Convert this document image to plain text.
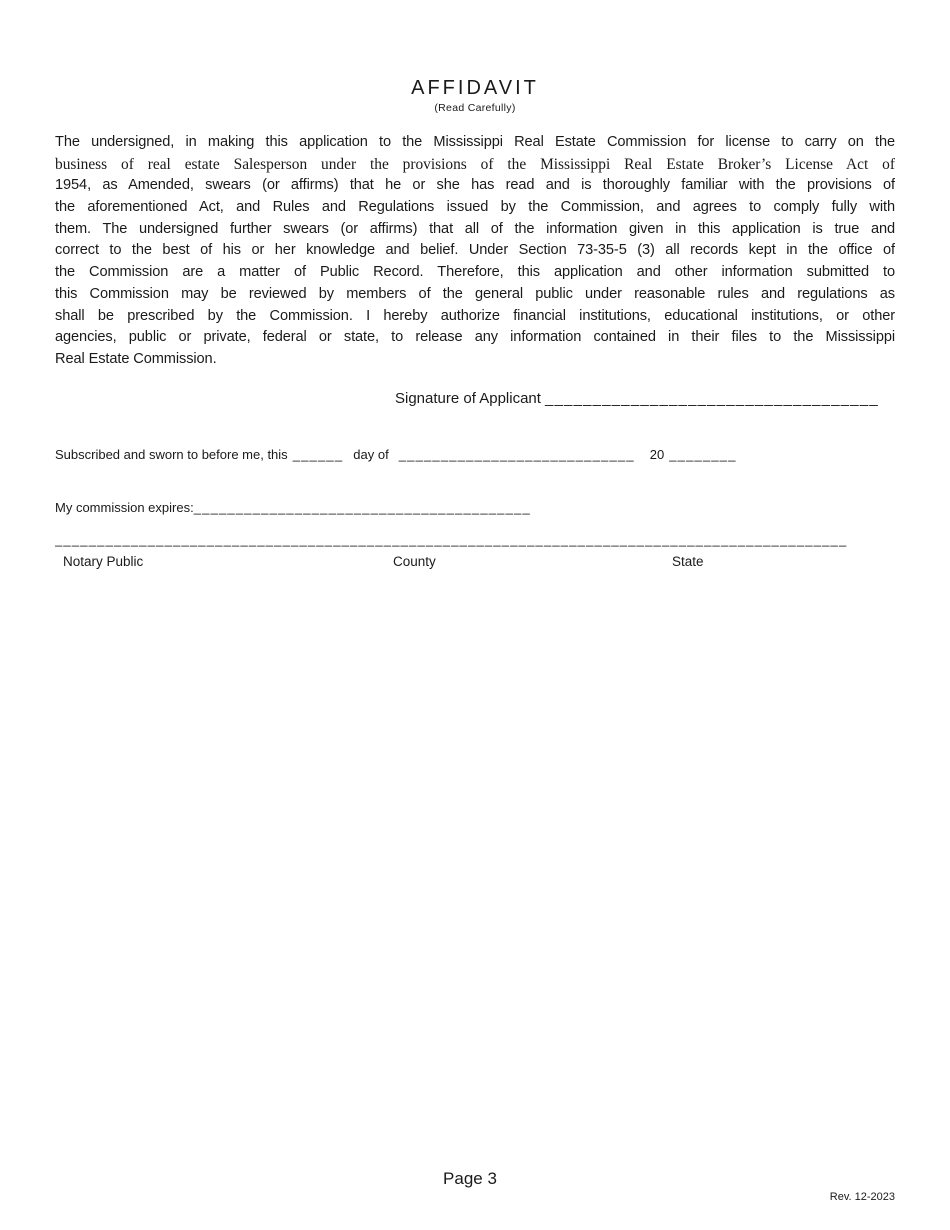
AFFIDAVIT
(Read Carefully)
The undersigned, in making this application to the Mississippi Real Estate Commission for license to carry on the
business of real estate Salesperson under the provisions of the Mississippi Real Estate Broker’s License Act of
1954, as Amended, swears (or affirms) that he or she has read and is thoroughly familiar with the provisions of
the aforementioned Act, and Rules and Regulations issued by the Commission, and agrees to comply fully with
them. The undersigned further swears (or affirms) that all of the information given in this application is true and
correct to the best of his or her knowledge and belief. Under Section 73-35-5 (3) all records kept in the office of
the Commission are a matter of Public Record. Therefore, this application and other information submitted to
this Commission may be reviewed by members of the general public under reasonable rules and regulations as
shall be prescribed by the Commission. I hereby authorize financial institutions, educational institutions, or other
agencies, public or private, federal or state, to release any information contained in their files to the Mississippi
Real Estate Commission.
Signature of Applicant ___________________________________
Subscribed and sworn to before me, this ______ day of ____________________________ 20 ________
My commission expires:________________________________________
______________________________________________________________________________________________
Notary Public	County	State
Page 3
Rev. 12-2023
